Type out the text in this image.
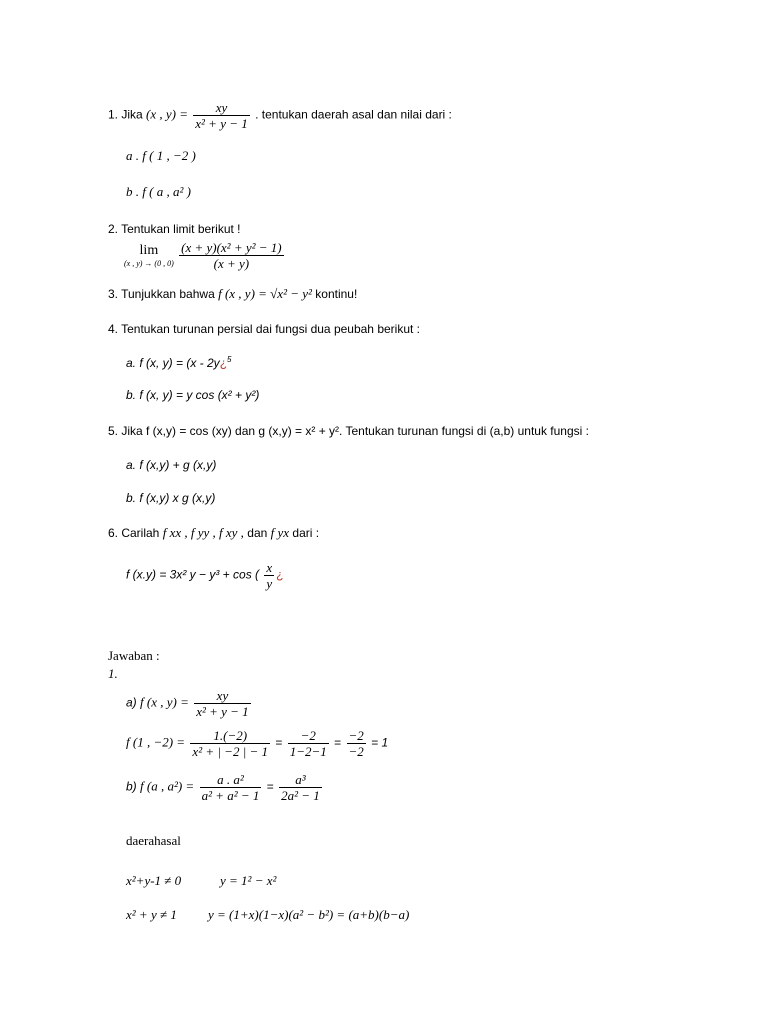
1. Jika (x , $y) = \frac{xy}{\text{x² + y − 1}}$ . tentukan daerah asal dan nilai dari :
a . f ( 1 , −2 )
b . f ( a , a² )
2. Tentukan limit berikut !
lim
(x , y) → (0 , 0)
$\frac{\text{(x + y)(x² + y² − 1)}}{(x + y)}$
3. Tunjukkan bahwa f (x , y) = √x² − y² kontinu!
4. Tentukan turunan persial dai fungsi dua peubah berikut :
a. f (x, y) = (x - 2y¿$^5$
b. f (x, y) = y cos (x² + y²)
5. Jika f (x,y) = cos (xy) dan g (x,y) = x² + y². Tentukan turunan fungsi di (a,b) untuk fungsi :
a. f (x,y) + g (x,y)
b. f (x,y) x g (x,y)
6. Carilah f xx , f yy , f xy , dan f yx dari :
f (x.y) = 3x² y − y³ + cos ( $\frac{x}{y}$ ¿
Jawaban :
1.
a) f (x , $y) = \frac{xy}{\text{x² + y − 1}}$
f (1 , $-2) = \frac{1.(-2)}{\text{x² + | −2 | − 1}} = \frac{-2}{1-2-1} = \frac{-2}{-2} = 1$
b) f (a , $a^2) = \frac{\text{a . a²}}{\text{a² + a² − 1}} = \frac{\text{a³}}{\text{2a² − 1}}$
daerahasal
x²+y-1 ≠ 0	y = 1² − x²
x² + y ≠ 1 y = (1+x)(1−x)(a² − b²) = (a+b)(b−a)
